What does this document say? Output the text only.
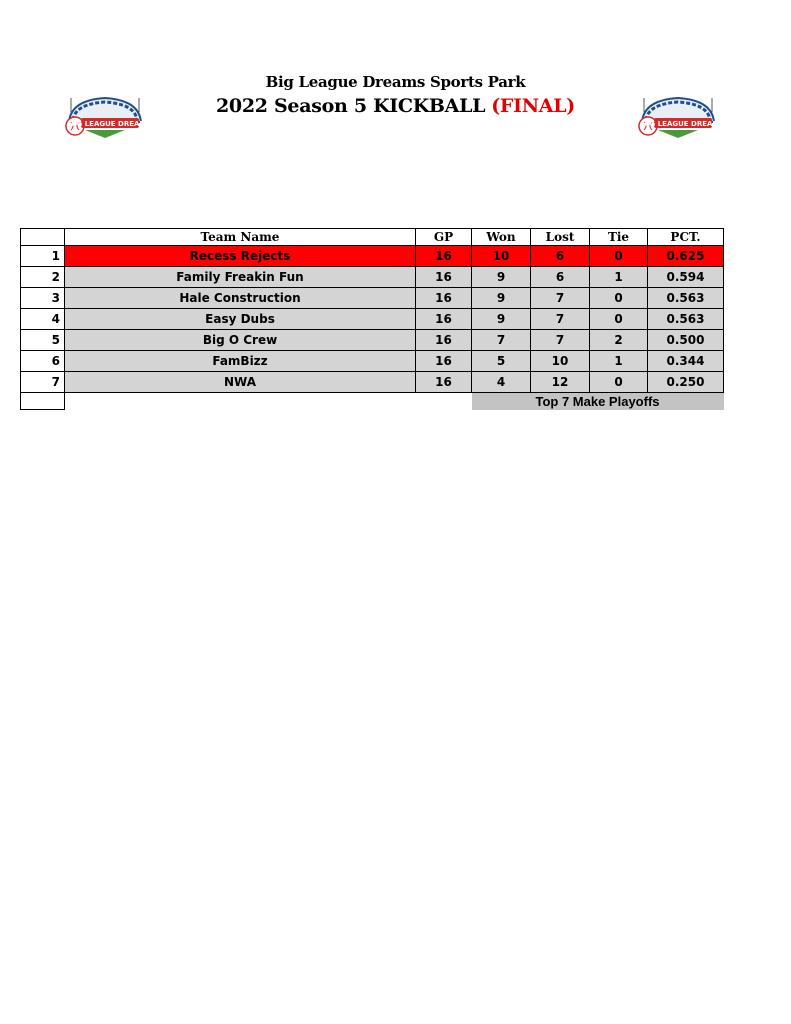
BIG LEAGUE DREAMS	BIG LEAGUE DREAMS
Big League Dreams Sports Park
2022 Season 5 KICKBALL (FINAL)
	Team Name	GP	Won	Lost	Tie	PCT.
1	Recess Rejects	16	10	6	0	0.625
2	Family Freakin Fun	16	9	6	1	0.594
3	Hale Construction	16	9	7	0	0.563
4	Easy Dubs	16	9	7	0	0.563
5	Big O Crew	16	7	7	2	0.500
6	FamBizz	16	5	10	1	0.344
7	NWA	16	4	12	0	0.250
			Top 7 Make Playoffs			
